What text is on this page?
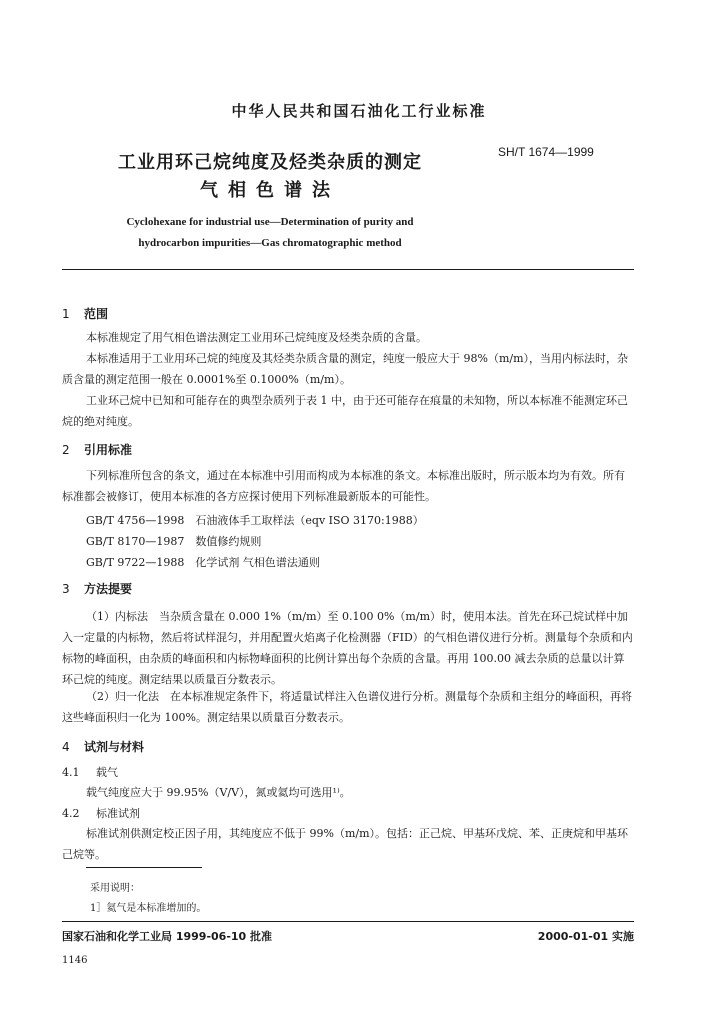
中华人民共和国石油化工行业标准
SH/T 1674—1999
工业用环己烷纯度及烃类杂质的测定
气相色谱法
Cyclohexane for industrial use—Determination of purity and
hydrocarbon impurities—Gas chromatographic method
1 范围
本标准规定了用气相色谱法测定工业用环己烷纯度及烃类杂质的含量。
本标准适用于工业用环己烷的纯度及其烃类杂质含量的测定，纯度一般应大于 98%（m/m），当用内标法时，杂质含量的测定范围一般在 0.0001%至 0.1000%（m/m）。
工业环己烷中已知和可能存在的典型杂质列于表 1 中，由于还可能存在痕量的未知物，所以本标准不能测定环己烷的绝对纯度。
2 引用标准
下列标准所包含的条文，通过在本标准中引用而构成为本标准的条文。本标准出版时，所示版本均为有效。所有标准都会被修订，使用本标准的各方应探讨使用下列标准最新版本的可能性。
GB/T 4756—1998　石油液体手工取样法（eqv ISO 3170:1988）
GB/T 8170—1987　数值修约规则
GB/T 9722—1988　化学试剂 气相色谱法通则
3 方法提要
（1）内标法　当杂质含量在 0.000 1%（m/m）至 0.100 0%（m/m）时，使用本法。首先在环己烷试样中加入一定量的内标物，然后将试样混匀，并用配置火焰离子化检测器（FID）的气相色谱仪进行分析。测量每个杂质和内标物的峰面积，由杂质的峰面积和内标物峰面积的比例计算出每个杂质的含量。再用 100.00 减去杂质的总量以计算环己烷的纯度。测定结果以质量百分数表示。
（2）归一化法　在本标准规定条件下，将适量试样注入色谱仪进行分析。测量每个杂质和主组分的峰面积，再将这些峰面积归一化为 100%。测定结果以质量百分数表示。
4 试剂与材料
4.1 载气
载气纯度应大于 99.95%（V/V），氮或氦均可选用¹⁾。
4.2 标准试剂
标准试剂供测定校正因子用，其纯度应不低于 99%（m/m）。包括：正己烷、甲基环戊烷、苯、正庚烷和甲基环己烷等。
采用说明：
1］氦气是本标准增加的。
国家石油和化学工业局 1999-06-10 批准	2000-01-01 实施
1146
